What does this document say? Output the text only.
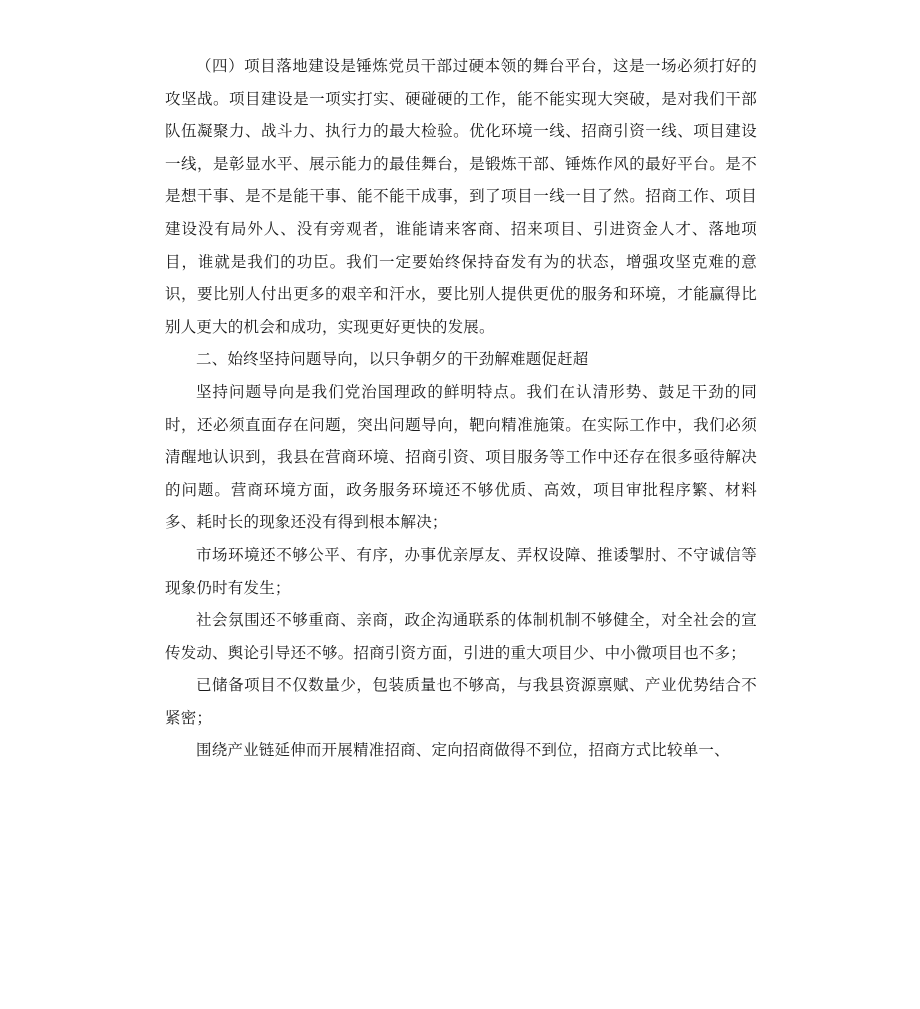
（四）项目落地建设是锤炼党员干部过硬本领的舞台平台，这是一场必须打好的攻坚战。项目建设是一项实打实、硬碰硬的工作，能不能实现大突破，是对我们干部队伍凝聚力、战斗力、执行力的最大检验。优化环境一线、招商引资一线、项目建设一线，是彰显水平、展示能力的最佳舞台，是锻炼干部、锤炼作风的最好平台。是不是想干事、是不是能干事、能不能干成事，到了项目一线一目了然。招商工作、项目建设没有局外人、没有旁观者，谁能请来客商、招来项目、引进资金人才、落地项目，谁就是我们的功臣。我们一定要始终保持奋发有为的状态，增强攻坚克难的意识，要比别人付出更多的艰辛和汗水，要比别人提供更优的服务和环境，才能赢得比别人更大的机会和成功，实现更好更快的发展。

二、始终坚持问题导向，以只争朝夕的干劲解难题促赶超

坚持问题导向是我们党治国理政的鲜明特点。我们在认清形势、鼓足干劲的同时，还必须直面存在问题，突出问题导向，靶向精准施策。在实际工作中，我们必须清醒地认识到，我县在营商环境、招商引资、项目服务等工作中还存在很多亟待解决的问题。营商环境方面，政务服务环境还不够优质、高效，项目审批程序繁、材料多、耗时长的现象还没有得到根本解决；

市场环境还不够公平、有序，办事优亲厚友、弄权设障、推诿掣肘、不守诚信等现象仍时有发生；

社会氛围还不够重商、亲商，政企沟通联系的体制机制不够健全，对全社会的宣传发动、舆论引导还不够。招商引资方面，引进的重大项目少、中小微项目也不多；

已储备项目不仅数量少，包装质量也不够高，与我县资源禀赋、产业优势结合不紧密；

围绕产业链延伸而开展精准招商、定向招商做得不到位，招商方式比较单一、
